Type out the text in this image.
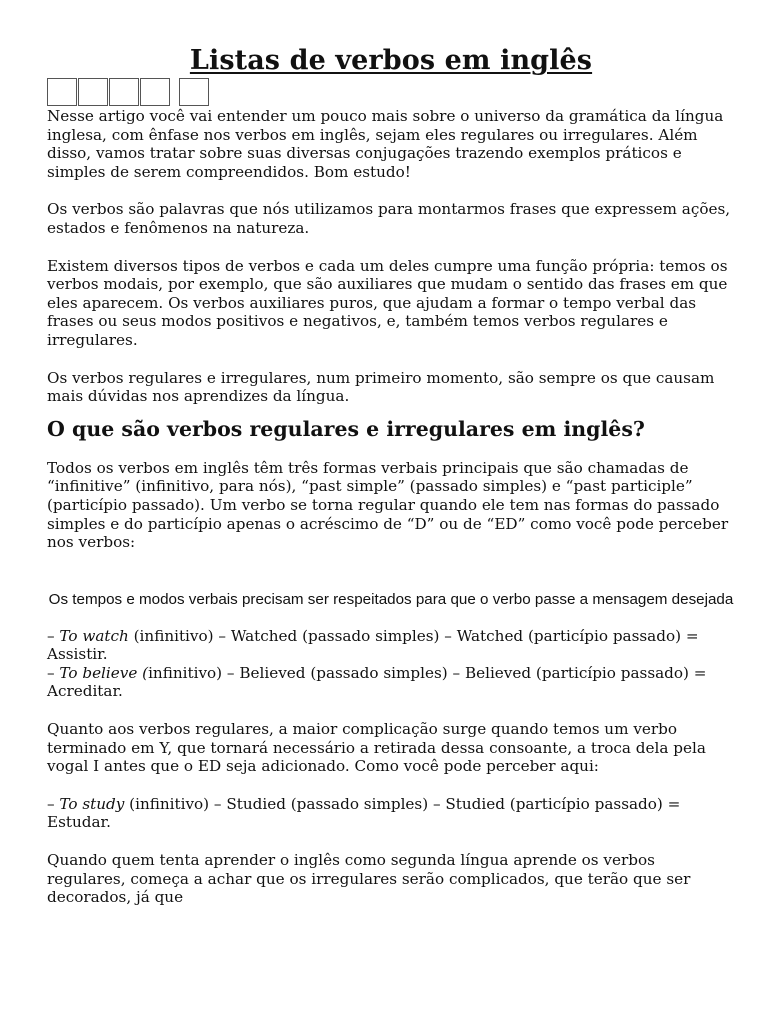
Listas de verbos em inglês

Nesse artigo você vai entender um pouco mais sobre o universo da gramática da língua inglesa, com ênfase nos verbos em inglês, sejam eles regulares ou irregulares. Além disso, vamos tratar sobre suas diversas conjugações trazendo exemplos práticos e simples de serem compreendidos. Bom estudo!

Os verbos são palavras que nós utilizamos para montarmos frases que expressem ações, estados e fenômenos na natureza.

Existem diversos tipos de verbos e cada um deles cumpre uma função própria: temos os verbos modais, por exemplo, que são auxiliares que mudam o sentido das frases em que eles aparecem. Os verbos auxiliares puros, que ajudam a formar o tempo verbal das frases ou seus modos positivos e negativos, e, também temos verbos regulares e irregulares.

Os verbos regulares e irregulares, num primeiro momento, são sempre os que causam mais dúvidas nos aprendizes da língua.

O que são verbos regulares e irregulares em inglês?

Todos os verbos em inglês têm três formas verbais principais que são chamadas de “infinitive” (infinitivo, para nós), “past simple” (passado simples) e “past participle” (particípio passado). Um verbo se torna regular quando ele tem nas formas do passado simples e do particípio apenas o acréscimo de “D” ou de “ED” como você pode perceber nos verbos:

Os tempos e modos verbais precisam ser respeitados para que o verbo passe a mensagem desejada

– To watch (infinitivo) – Watched (passado simples) – Watched (particípio passado) = Assistir.

– To believe (infinitivo) – Believed (passado simples) – Believed (particípio passado) = Acreditar.

Quanto aos verbos regulares, a maior complicação surge quando temos um verbo terminado em Y, que tornará necessário a retirada dessa consoante, a troca dela pela vogal I antes que o ED seja adicionado. Como você pode perceber aqui:

– To study (infinitivo) – Studied (passado simples) – Studied (particípio passado) = Estudar.

Quando quem tenta aprender o inglês como segunda língua aprende os verbos regulares, começa a achar que os irregulares serão complicados, que terão que ser decorados, já que
